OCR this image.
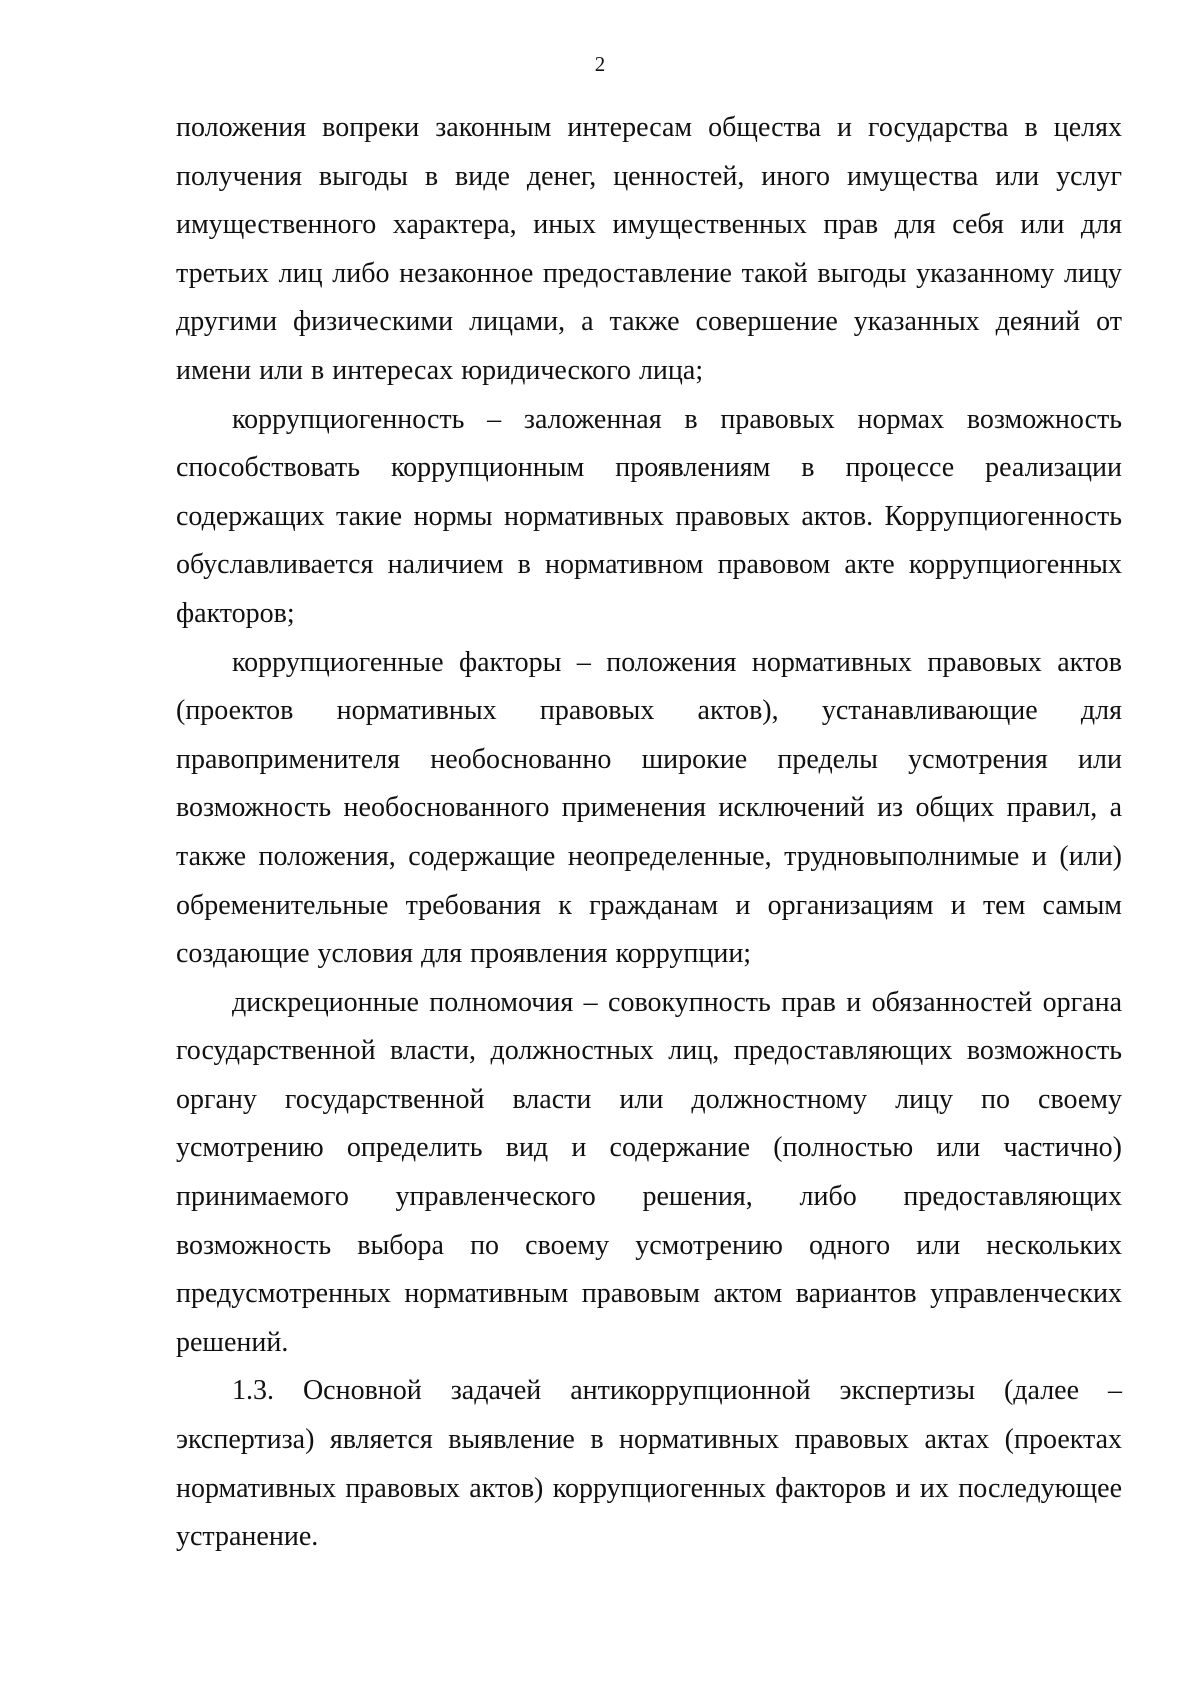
2

положения вопреки законным интересам общества и государства в целях получения выгоды в виде денег, ценностей, иного имущества или услуг имущественного характера, иных имущественных прав для себя или для третьих лиц либо незаконное предоставление такой выгоды указанному лицу другими физическими лицами, а также совершение указанных деяний от имени или в интересах юридического лица;

коррупциогенность – заложенная в правовых нормах возможность способствовать коррупционным проявлениям в процессе реализации содержащих такие нормы нормативных правовых актов. Коррупциогенность обуславливается наличием в нормативном правовом акте коррупциогенных факторов;

коррупциогенные факторы – положения нормативных правовых актов (проектов нормативных правовых актов), устанавливающие для правоприменителя необоснованно широкие пределы усмотрения или возможность необоснованного применения исключений из общих правил, а также положения, содержащие неопределенные, трудновыполнимые и (или) обременительные требования к гражданам и организациям и тем самым создающие условия для проявления коррупции;

дискреционные полномочия – совокупность прав и обязанностей органа государственной власти, должностных лиц, предоставляющих возможность органу государственной власти или должностному лицу по своему усмотрению определить вид и содержание (полностью или частично) принимаемого управленческого решения, либо предоставляющих возможность выбора по своему усмотрению одного или нескольких предусмотренных нормативным правовым актом вариантов управленческих решений.

1.3. Основной задачей антикоррупционной экспертизы (далее – экспертиза) является выявление в нормативных правовых актах (проектах нормативных правовых актов) коррупциогенных факторов и их последующее устранение.
